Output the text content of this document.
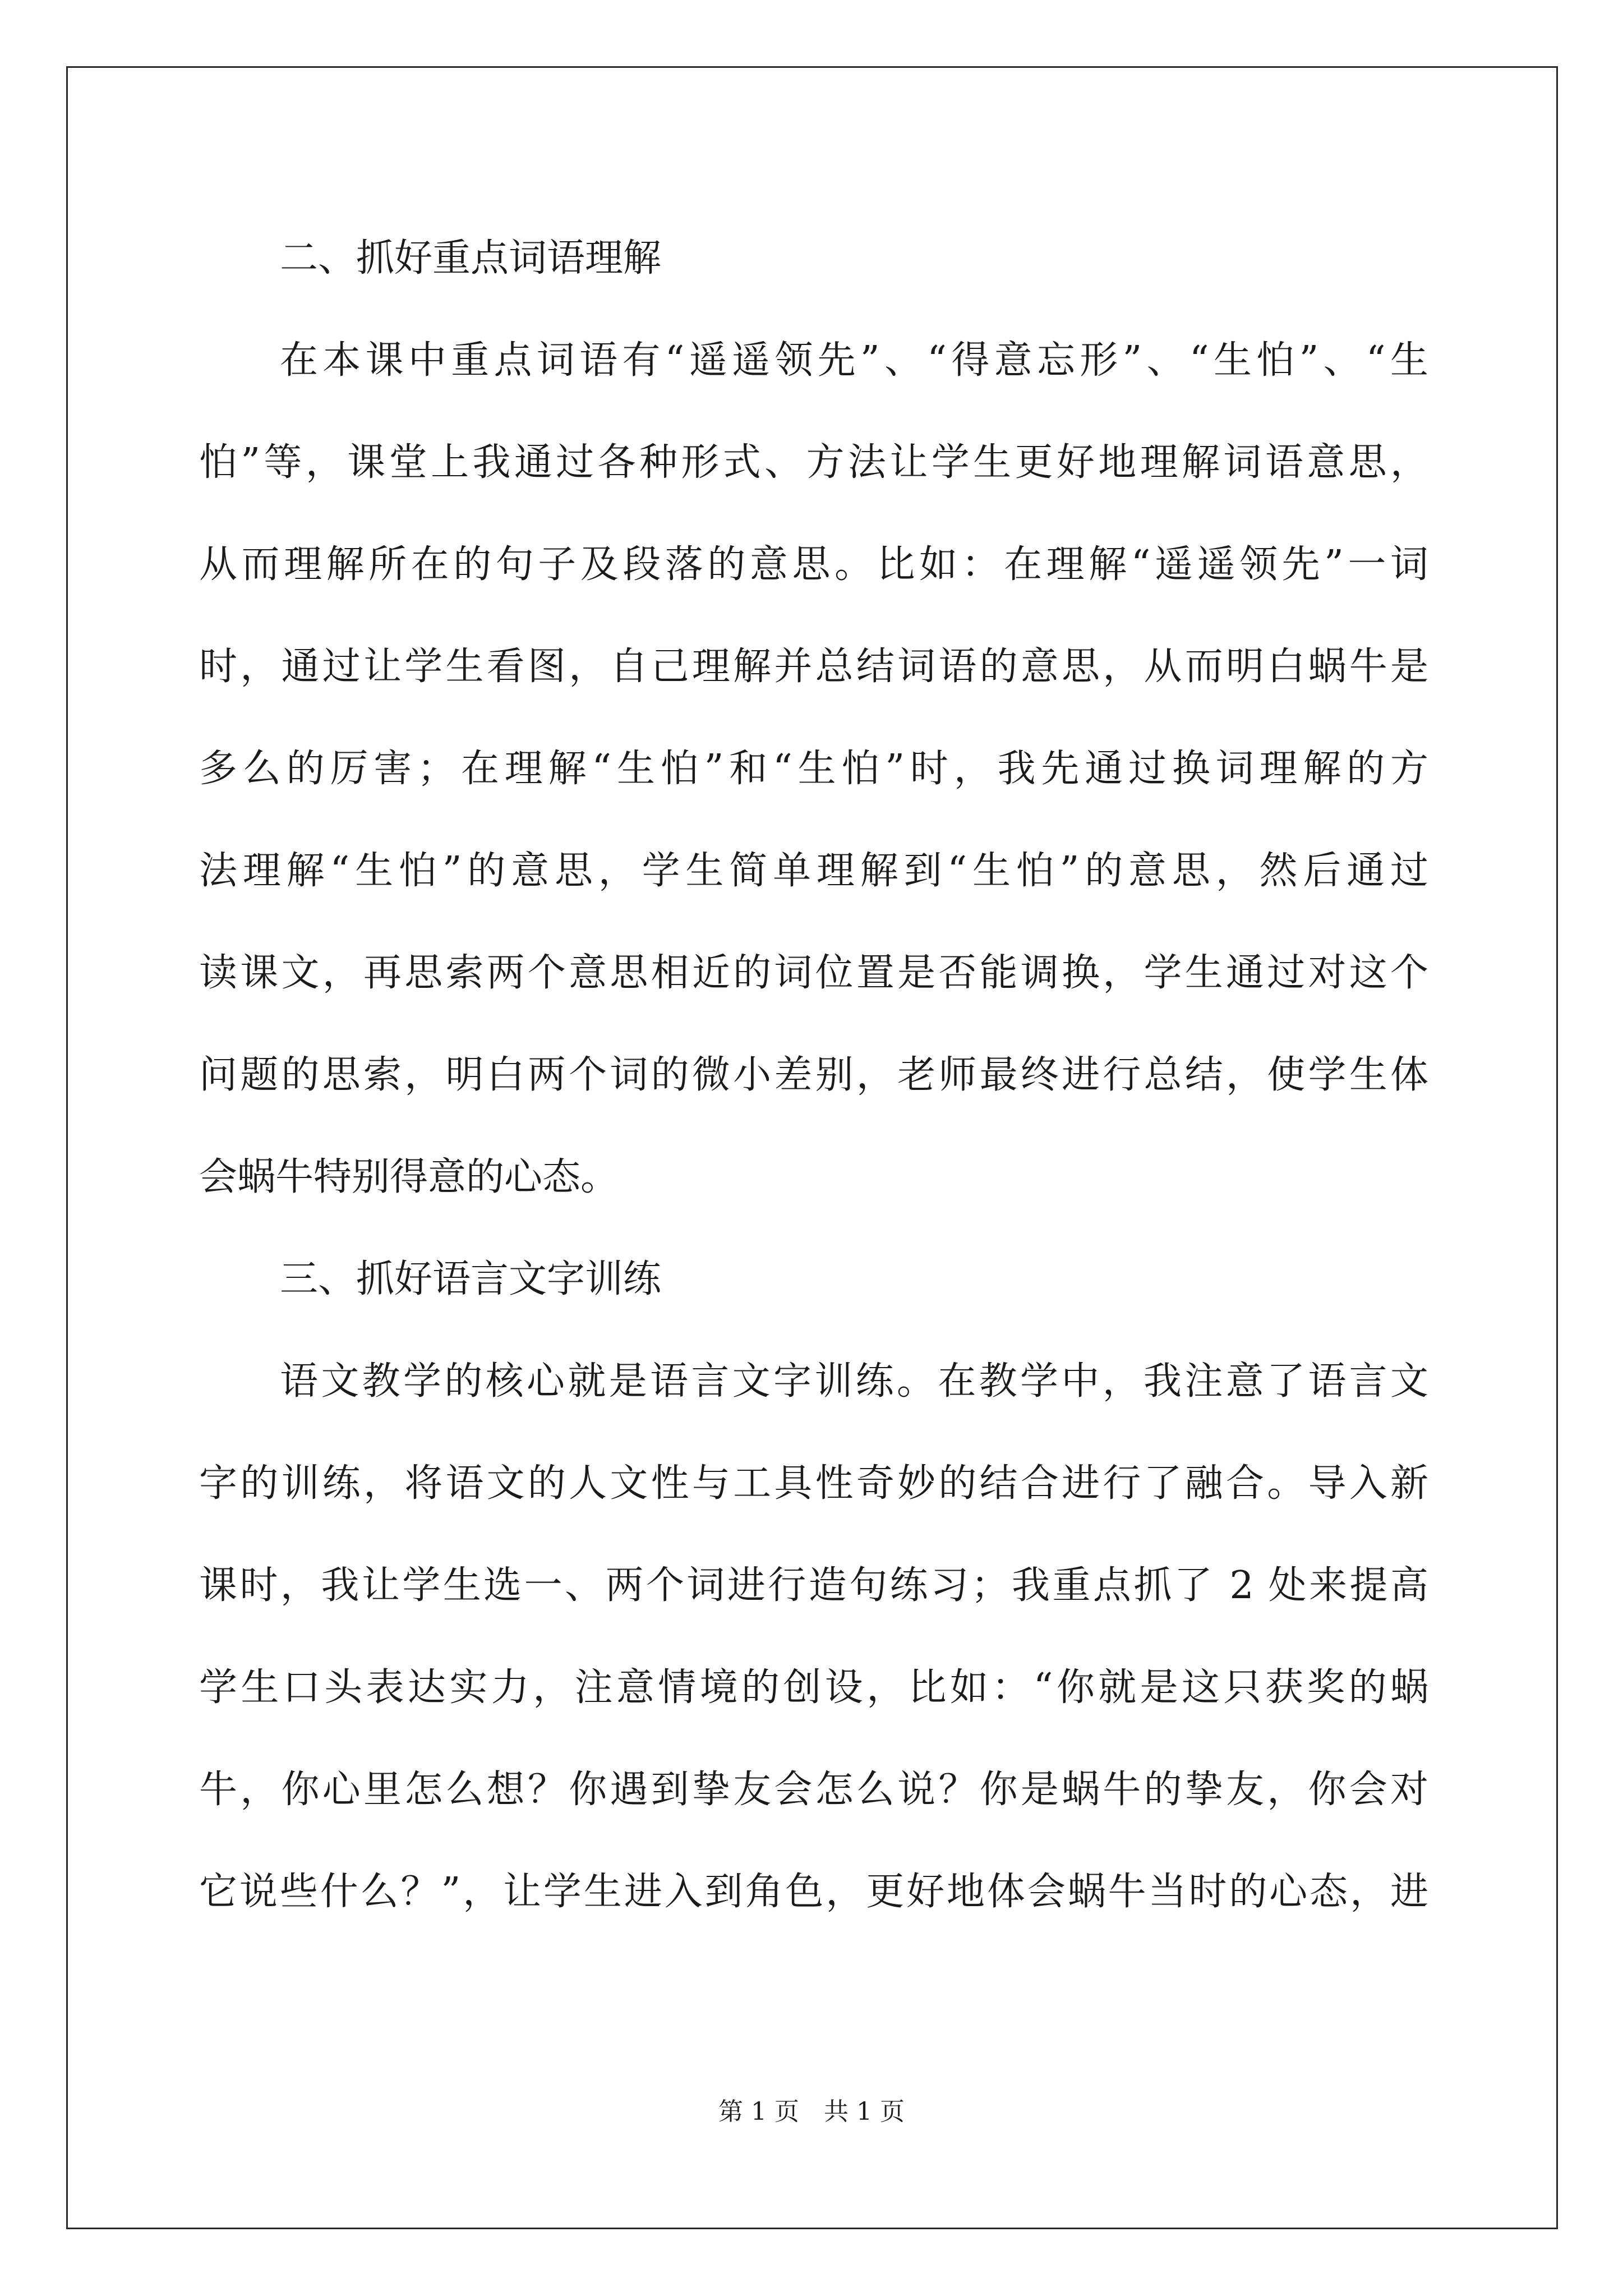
二、抓好重点词语理解
在本课中重点词语有“遥遥领先”、“得意忘形”、“生怕”、“生
怕”等，课堂上我通过各种形式、方法让学生更好地理解词语意思，
从而理解所在的句子及段落的意思。比如：在理解“遥遥领先”一词
时，通过让学生看图，自己理解并总结词语的意思，从而明白蜗牛是
多么的厉害；在理解“生怕”和“生怕”时，我先通过换词理解的方
法理解“生怕”的意思，学生简单理解到“生怕”的意思，然后通过
读课文，再思索两个意思相近的词位置是否能调换，学生通过对这个
问题的思索，明白两个词的微小差别，老师最终进行总结，使学生体
会蜗牛特别得意的心态。
三、抓好语言文字训练
语文教学的核心就是语言文字训练。在教学中，我注意了语言文
字的训练，将语文的人文性与工具性奇妙的结合进行了融合。导入新
课时，我让学生选一、两个词进行造句练习；我重点抓了 2 处来提高
学生口头表达实力，注意情境的创设，比如：“你就是这只获奖的蜗
牛，你心里怎么想？你遇到挚友会怎么说？你是蜗牛的挚友，你会对
它说些什么？”，让学生进入到角色，更好地体会蜗牛当时的心态，进
第 1 页　共 1 页
